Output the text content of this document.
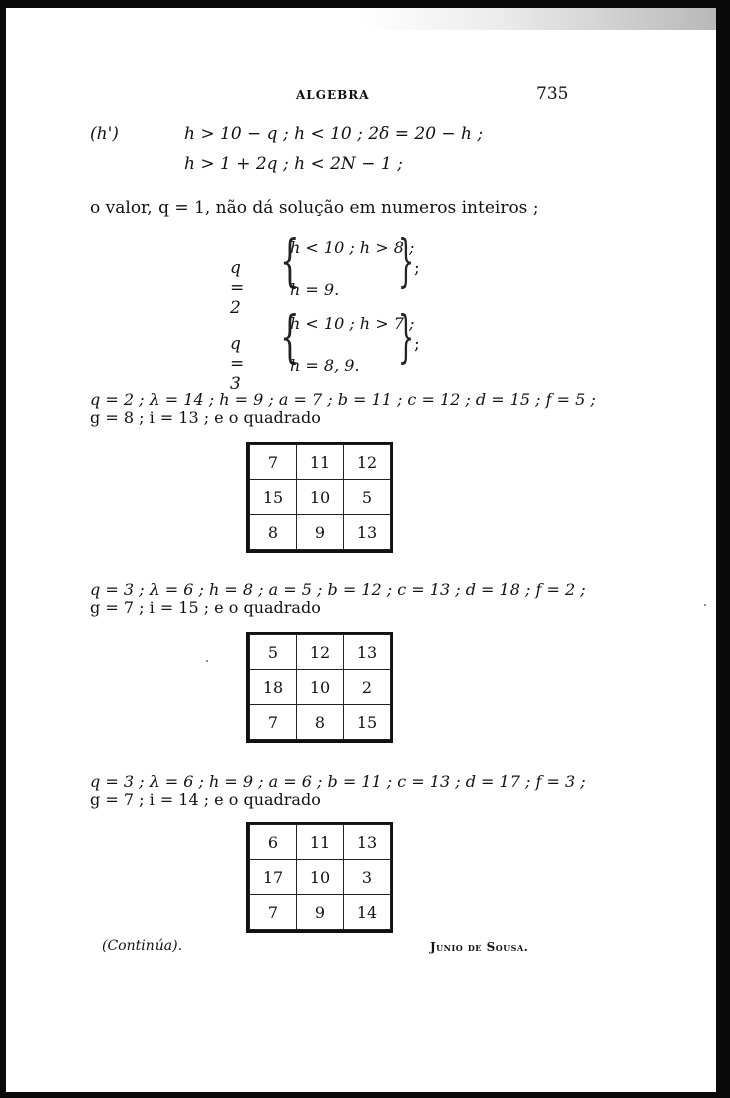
ALGEBRA	735
(h')	h > 10 − q ; h < 10 ; 2δ = 20 − h ;
h > 1 + 2q ; h < 2N − 1 ;
o valor, q = 1, não dá solução em numeros inteiros ;
q = 2
{
h < 10 ; h > 8 ;
h = 9. } ;
q = 3
{
h < 10 ; h > 7 ;
h = 8, 9. } ;
q = 2 ; λ = 14 ; h = 9 ; a = 7 ; b = 11 ; c = 12 ; d = 15 ; f = 5 ;
g = 8 ; i = 13 ; e o quadrado
7	11	12
15	10	5
8	9	13
q = 3 ; λ = 6 ; h = 8 ; a = 5 ; b = 12 ; c = 13 ; d = 18 ; f = 2 ;
g = 7 ; i = 15 ; e o quadrado
5	12	13
18	10	2
7	8	15
q = 3 ; λ = 6 ; h = 9 ; a = 6 ; b = 11 ; c = 13 ; d = 17 ; f = 3 ;
g = 7 ; i = 14 ; e o quadrado
6	11	13
17	10	3
7	9	14
(Continúa).	Junio de Sousa.
